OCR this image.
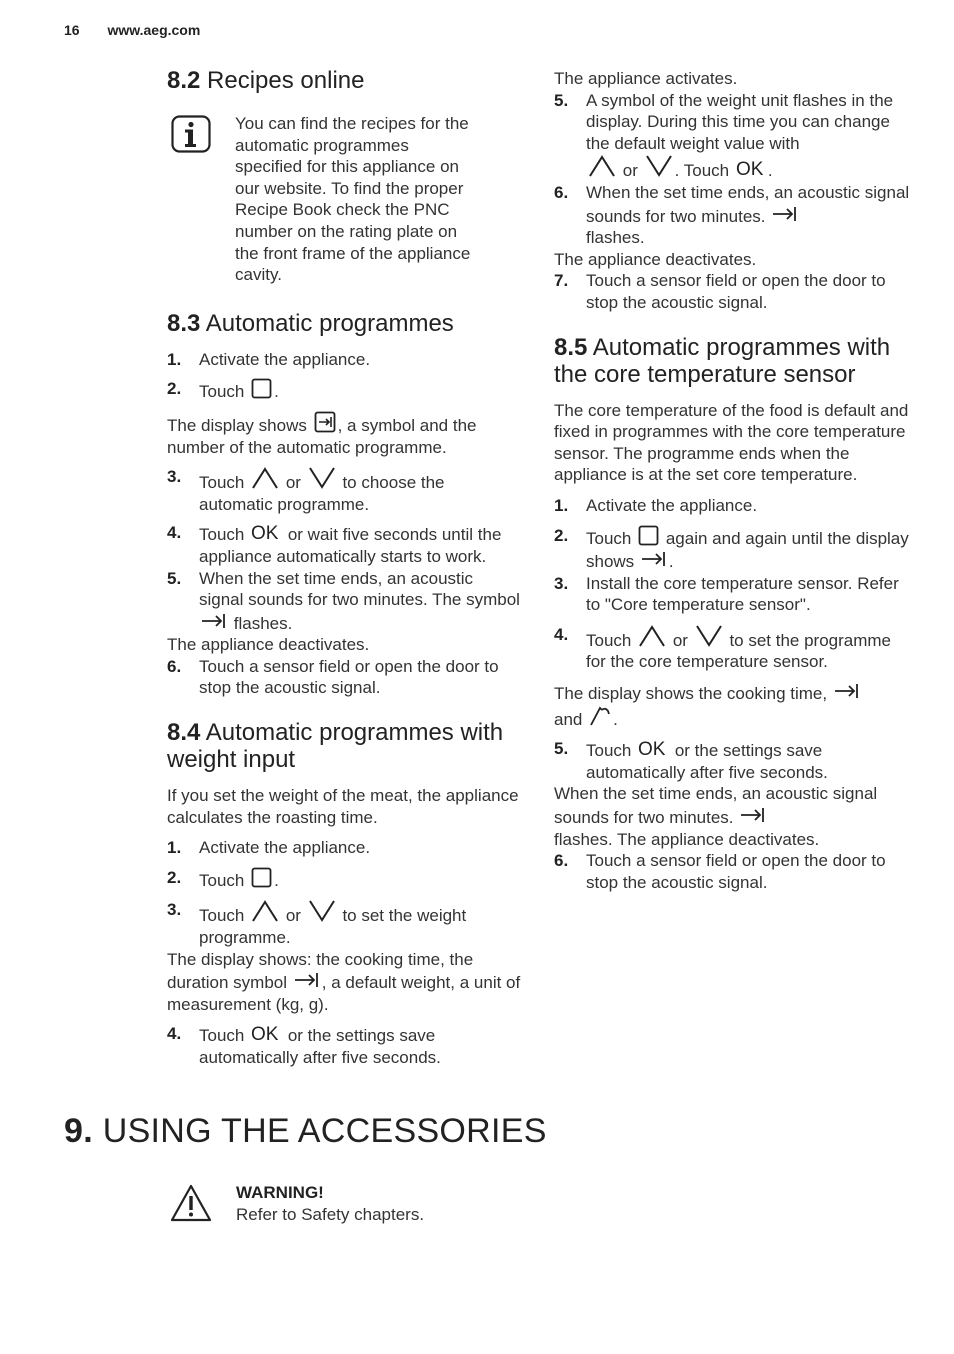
16 www.aeg.com
8.2 Recipes online
You can find the recipes for the automatic programmes specified for this appliance on our website. To find the proper Recipe Book check the PNC number on the rating plate on the front frame of the appliance cavity.
8.3 Automatic programmes
1. Activate the appliance.
2. Touch .
The display shows , a symbol and the number of the automatic programme.
3. Touch or to choose the automatic programme.
4. Touch OK or wait five seconds until the appliance automatically starts to work.
5. When the set time ends, an acoustic signal sounds for two minutes. The symbol
flashes.
The appliance deactivates.
6. Touch a sensor field or open the door to stop the acoustic signal.
8.4 Automatic programmes with weight input
If you set the weight of the meat, the appliance calculates the roasting time.
1. Activate the appliance.
2. Touch .
3. Touch or to set the weight programme.
The display shows: the cooking time, the duration symbol , a default weight, a unit of measurement (kg, g).
4. Touch OK or the settings save automatically after five seconds.
The appliance activates.
5. A symbol of the weight unit flashes in the display. During this time you can change the default weight value with

or . Touch OK .
6. When the set time ends, an acoustic signal sounds for two minutes.

flashes.
The appliance deactivates.
7. Touch a sensor field or open the door to stop the acoustic signal.
8.5 Automatic programmes with the core temperature sensor
The core temperature of the food is default and fixed in programmes with the core temperature sensor. The programme ends when the appliance is at the set core temperature.
1. Activate the appliance.
2. Touch again and again until the display shows .
3. Install the core temperature sensor. Refer to "Core temperature sensor".
4. Touch or to set the programme for the core temperature sensor.
The display shows the cooking time,

and .
5. Touch OK or the settings save automatically after five seconds.
When the set time ends, an acoustic signal sounds for two minutes.

flashes. The appliance deactivates.
6. Touch a sensor field or open the door to stop the acoustic signal.
9. USING THE ACCESSORIES
WARNING!
Refer to Safety chapters.
